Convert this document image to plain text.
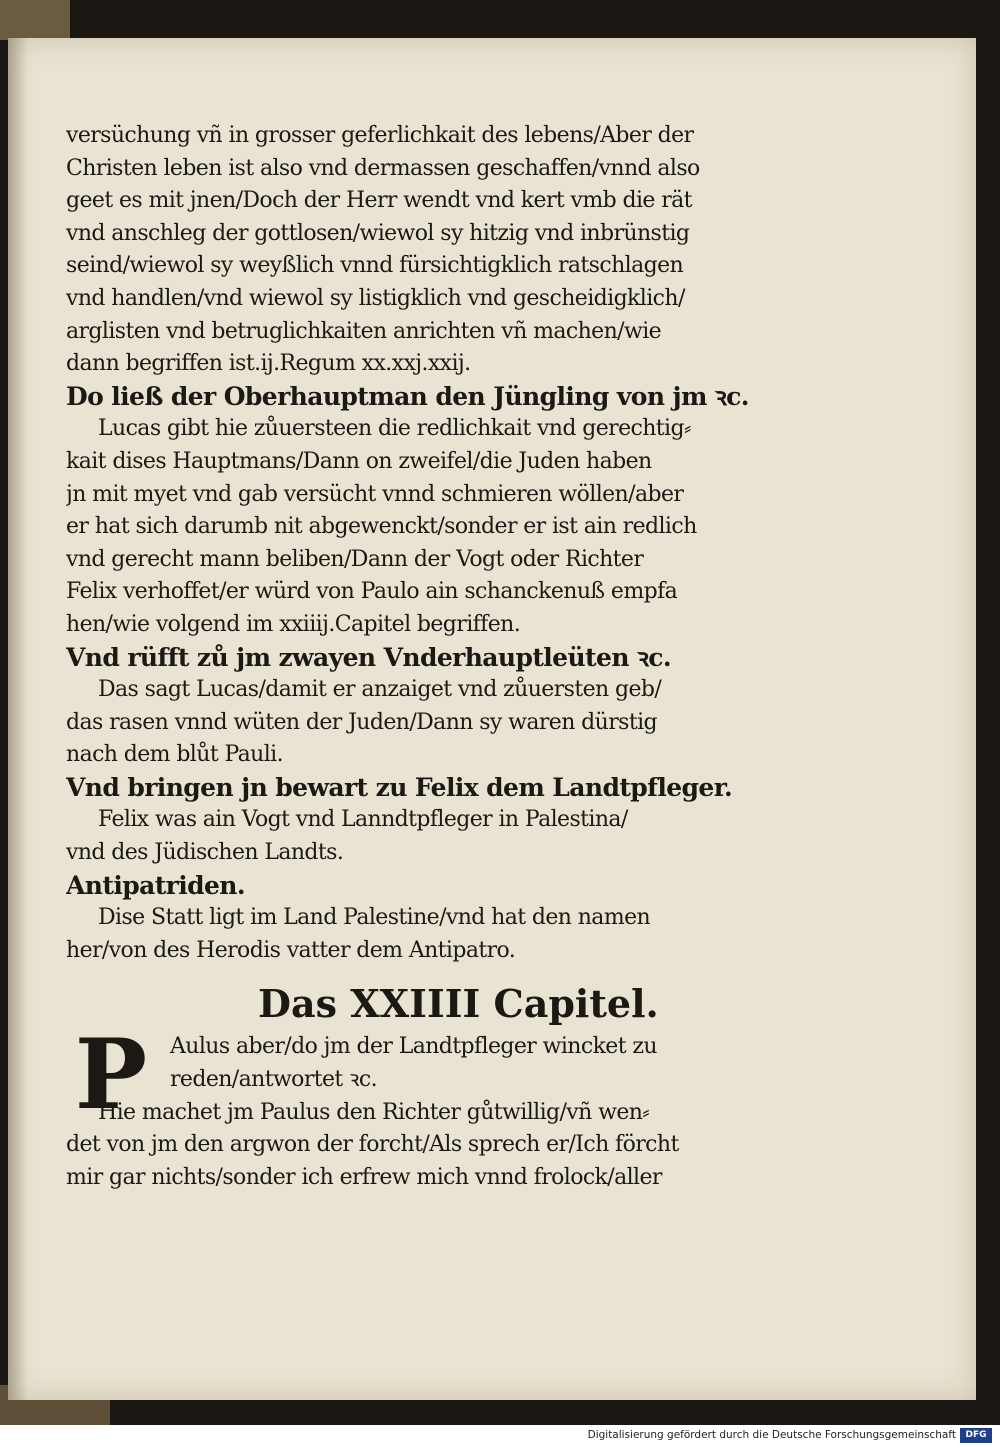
versüchung vñ in grosser geferlichkait des lebens/Aber der
Christen leben ist also vnd dermassen geschaffen/vnnd also
geet es mit jnen/Doch der Herr wendt vnd kert vmb die rät
vnd anschleg der gottlosen/wiewol sy hitzig vnd inbrünstig
seind/wiewol sy weyßlich vnnd fürsichtigklich ratschlagen
vnd handlen/vnd wiewol sy listigklich vnd gescheidigklich/
arglisten vnd betruglichkaiten anrichten vñ machen/wie
dann begriffen ist.ij.Regum xx.xxj.xxij.
Do ließ der Oberhauptman den Jüngling von jm ꝛc.
Lucas gibt hie zůuersteen die redlichkait vnd gerechtig⸗
kait dises Hauptmans/Dann on zweifel/die Juden haben
jn mit myet vnd gab versücht vnnd schmieren wöllen/aber
er hat sich darumb nit abgewenckt/sonder er ist ain redlich
vnd gerecht mann beliben/Dann der Vogt oder Richter
Felix verhoffet/er würd von Paulo ain schanckenuß empfa
hen/wie volgend im xxiiij.Capitel begriffen.
Vnd rüfft zů jm zwayen Vnderhauptleüten ꝛc.
Das sagt Lucas/damit er anzaiget vnd zůuersten geb/
das rasen vnnd wüten der Juden/Dann sy waren dürstig
nach dem blůt Pauli.
Vnd bringen jn bewart zu Felix dem Landtpfleger.
Felix was ain Vogt vnd Lanndtpfleger in Palestina/
vnd des Jüdischen Landts.
Antipatriden.
Dise Statt ligt im Land Palestine/vnd hat den namen
her/von des Herodis vatter dem Antipatro.
Das XXIIII Capitel.
P	Aulus aber/do jm der Landtpfleger wincket zu
reden/antwortet ꝛc.
Hie machet jm Paulus den Richter gůtwillig/vñ wen⸗
det von jm den argwon der forcht/Als sprech er/Ich förcht
mir gar nichts/sonder ich erfrew mich vnnd frolock/aller
Digitalisierung gefördert durch die Deutsche Forschungsgemeinschaft	DFG
